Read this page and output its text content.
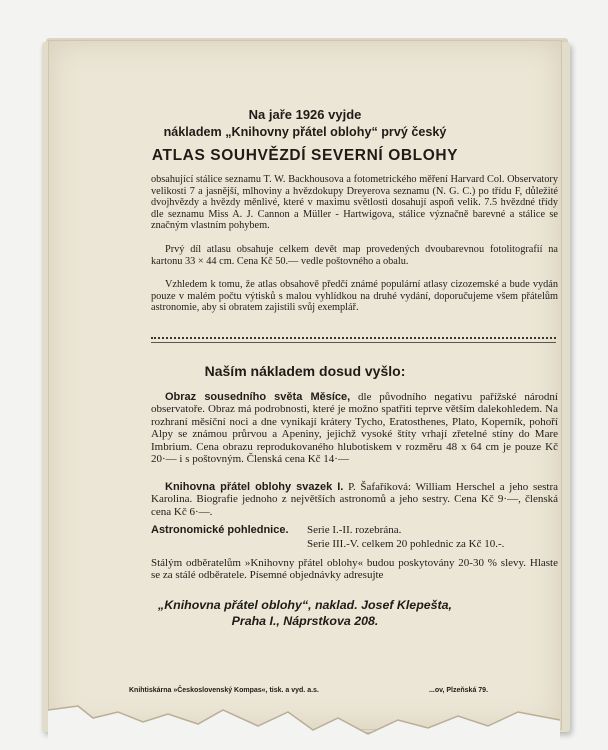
Na jaře 1926 vyjde
nákladem „Knihovny přátel oblohy“ prvý český
ATLAS SOUHVĚZDÍ SEVERNÍ OBLOHY
obsahující stálice seznamu T. W. Backhousova a fotometrického měření Harvard Col. Observatory velikosti 7 a jasnější, mlhoviny a hvězdokupy Dreyerova seznamu (N. G. C.) po třídu F, důležité dvojhvězdy a hvězdy měnlivé, které v maximu světlosti dosahují aspoň velik. 7.5 hvězdné třídy dle seznamu Miss A. J. Cannon a Müller - Hartwigova, stálice význačně barevné a stálice se značným vlastním pohybem.
Prvý díl atlasu obsahuje celkem devět map provedených dvoubarevnou fotolitografií na kartonu 33 × 44 cm. Cena Kč 50.— vedle poštovného a obalu.
Vzhledem k tomu, že atlas obsahově předčí známé populární atlasy cizozemské a bude vydán pouze v malém počtu výtisků s malou vyhlídkou na druhé vydání, doporučujeme všem přátelům astronomie, aby si obratem zajistili svůj exemplář.
Naším nákladem dosud vyšlo:
Obraz sousedního světa Měsíce, dle původního negativu pařížské národní observatoře. Obraz má podrobnosti, které je možno spatřiti teprve větším dalekohledem. Na rozhraní měsíční noci a dne vynikají krátery Tycho, Eratosthenes, Plato, Koperník, pohoří Alpy se známou průrvou a Apeniny, jejichž vysoké štíty vrhají zřetelné stíny do Mare Imbrium. Cena obrazu reprodukovaného hlubotiskem v rozměru 48 x 64 cm je pouze Kč 20·— i s poštovným. Členská cena Kč 14·—
Knihovna přátel oblohy svazek I. P. Šafaříková: William Herschel a jeho sestra Karolina. Biografie jednoho z největších astronomů a jeho sestry. Cena Kč 9·—, členská cena Kč 6·—.
Astronomické pohlednice. Serie I.-II. rozebrána.
Serie III.-V. celkem 20 pohlednic za Kč 10.-.
Stálým odběratelům »Knihovny přátel oblohy« budou poskytovány 20-30 % slevy. Hlaste se za stálé odběratele. Písemné objednávky adresujte
„Knihovna přátel oblohy“, naklad. Josef Klepešta,
Praha I., Náprstkova 208.
Knihtiskárna »Československý Kompas«, tisk. a vyd. a.s.	...ov, Plzeňská 79.
